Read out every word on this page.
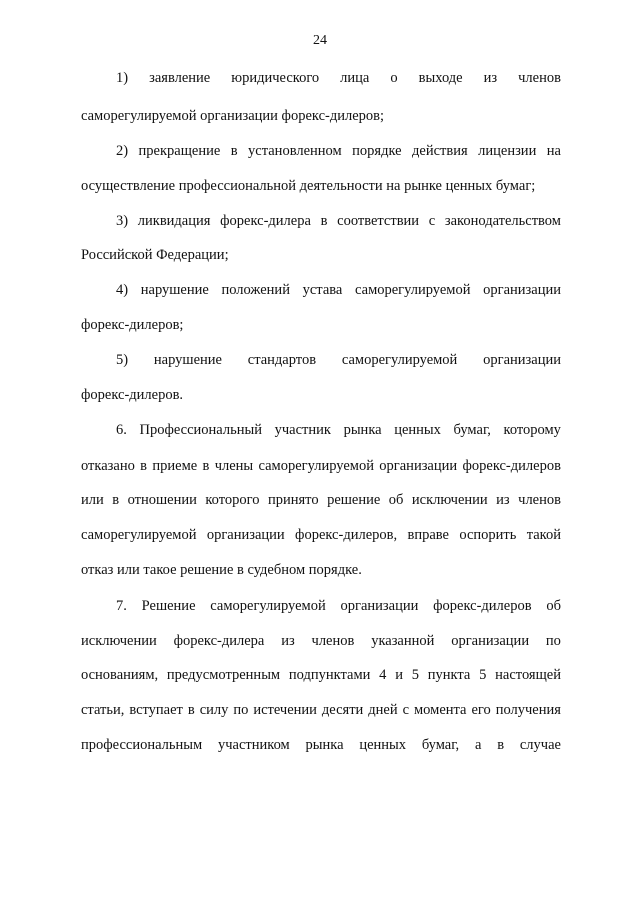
24
1) заявление юридического лица о выходе из членов
саморегулируемой организации форекс-дилеров;
2) прекращение в установленном порядке действия лицензии на
осуществление профессиональной деятельности на рынке ценных бумаг;
3) ликвидация форекс-дилера в соответствии с законодательством
Российской Федерации;
4) нарушение положений устава саморегулируемой организации
форекс-дилеров;
5) нарушение стандартов саморегулируемой организации
форекс-дилеров.
6. Профессиональный участник рынка ценных бумаг, которому
отказано в приеме в члены саморегулируемой организации форекс-дилеров
или в отношении которого принято решение об исключении из членов
саморегулируемой организации форекс-дилеров, вправе оспорить такой
отказ или такое решение в судебном порядке.
7. Решение саморегулируемой организации форекс-дилеров об
исключении форекс-дилера из членов указанной организации по
основаниям, предусмотренным подпунктами 4 и 5 пункта 5 настоящей
статьи, вступает в силу по истечении десяти дней с момента его получения
профессиональным участником рынка ценных бумаг, а в случае
